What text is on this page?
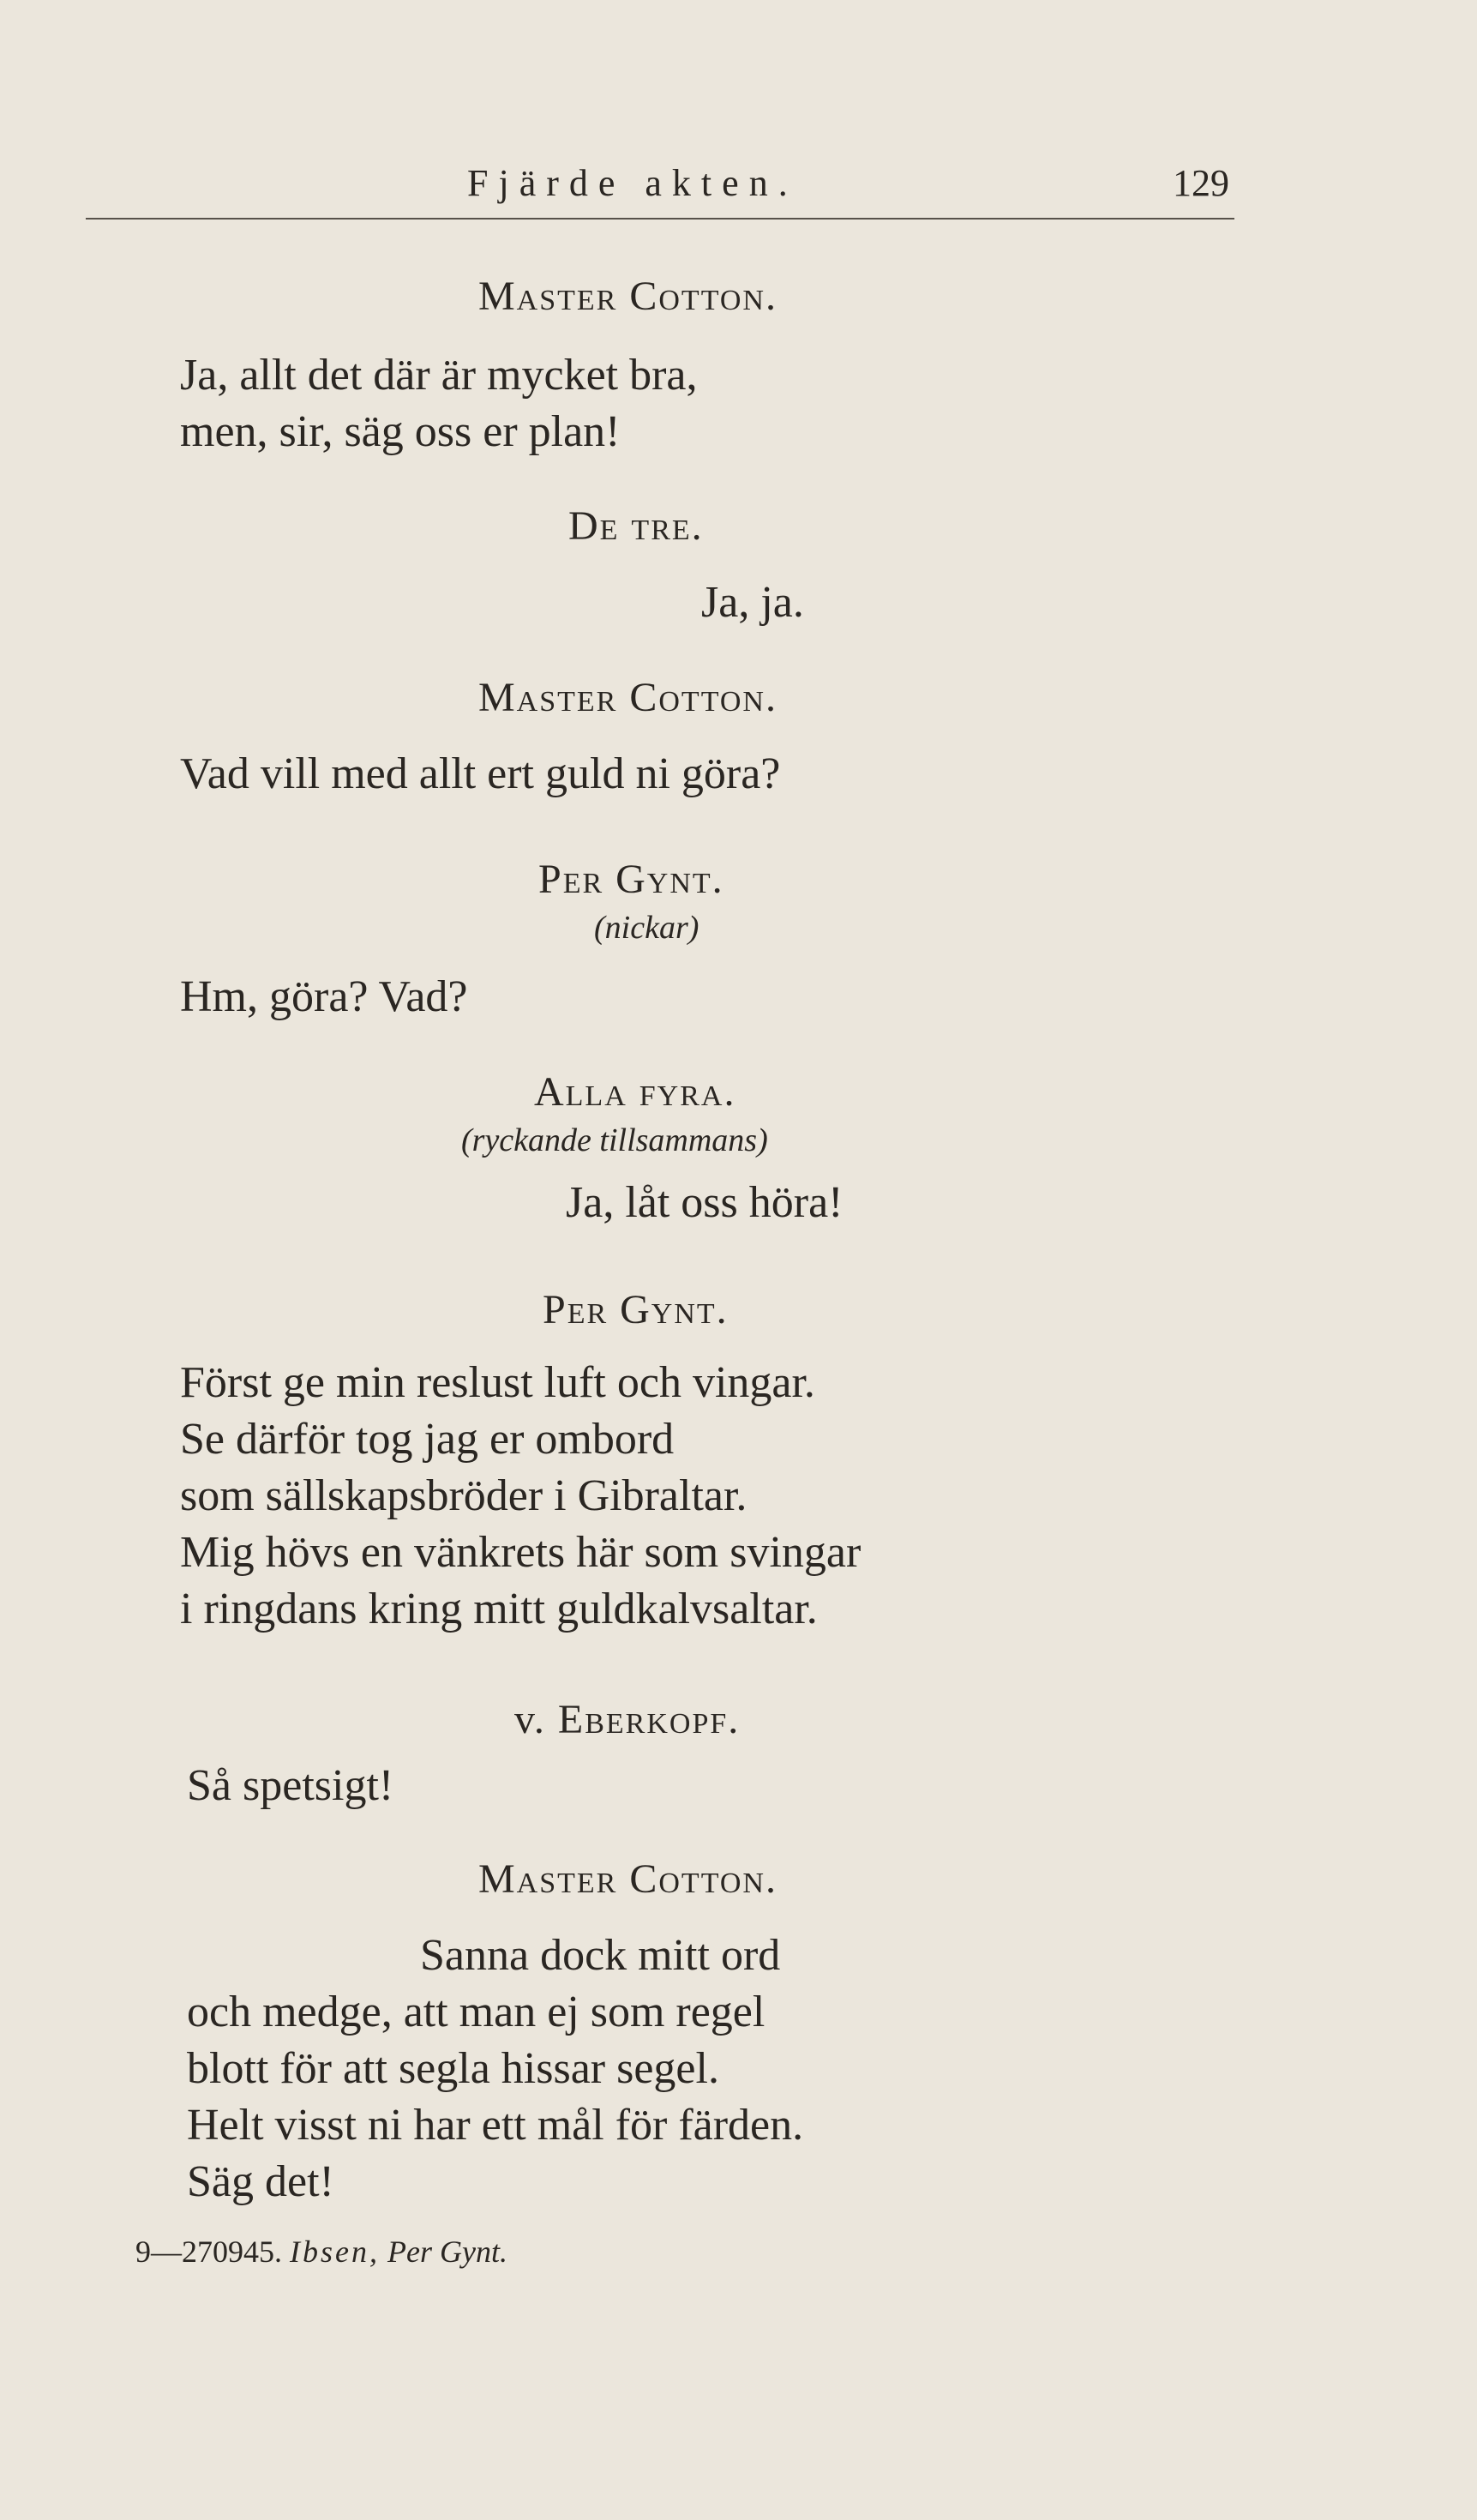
Fjärde akten.	129
Master Cotton.
Ja, allt det där är mycket bra,
men, sir, säg oss er plan!
De tre.
Ja, ja.
Master Cotton.
Vad vill med allt ert guld ni göra?
Per Gynt.
(nickar)
Hm, göra? Vad?
Alla fyra.
(ryckande tillsammans)
Ja, låt oss höra!
Per Gynt.
Först ge min reslust luft och vingar.
Se därför tog jag er ombord
som sällskapsbröder i Gibraltar.
Mig hövs en vänkrets här som svingar
i ringdans kring mitt guldkalvsaltar.
v. Eberkopf.
Så spetsigt!
Master Cotton.
Sanna dock mitt ord
och medge, att man ej som regel
blott för att segla hissar segel.
Helt visst ni har ett mål för färden.
Säg det!
9—270945. Ibsen, Per Gynt.
